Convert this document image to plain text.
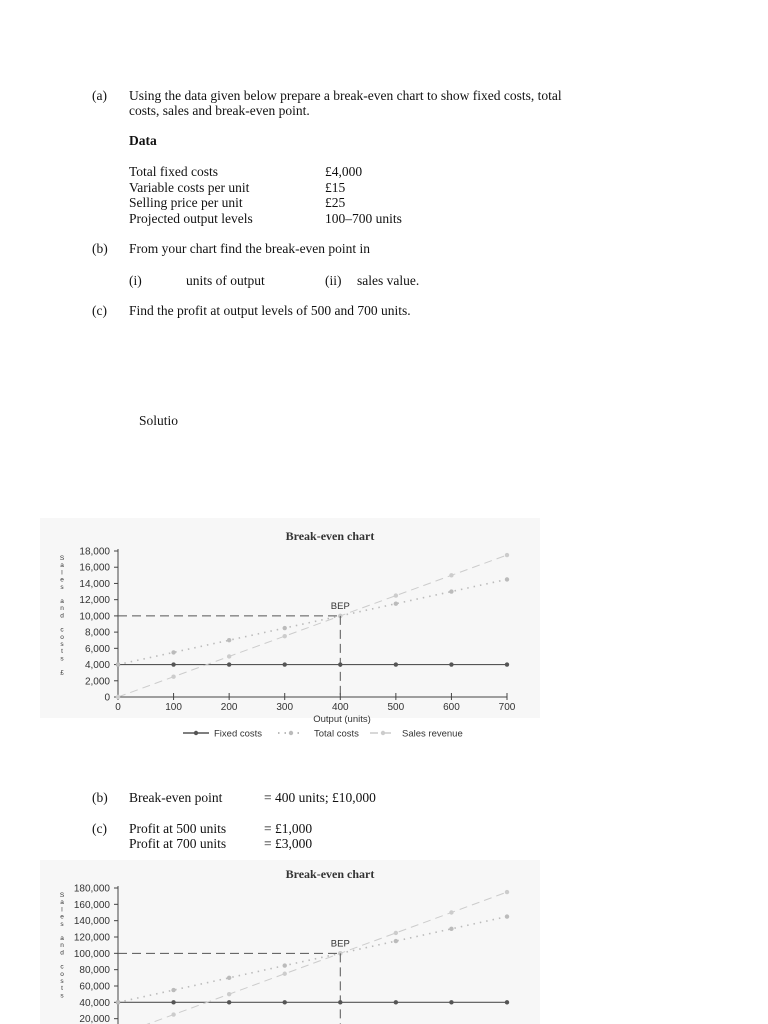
(a) Using the data given below prepare a break-even chart to show fixed costs, total
costs, sales and break-even point.
Data
Total fixed costs	£4,000
Variable costs per unit	£15
Selling price per unit	£25
Projected output levels	100–700 units
(b) From your chart find the break-even point in
(i)	units of output	(ii) sales value.
(c) Find the profit at output levels of 500 and 700 units.
Solutio
Break-even chart
S
a
l
e
s
a
n
d
c
o
s
t
s
£
0
2,000
4,000
6,000
8,000
10,000
12,000
14,000
16,000
18,000
0	100	200	300	400	500	600	700
Output (units)
BEP
Fixed costs	Total costs	Sales revenue
(b) Break-even point	= 400 units; £10,000
(c) Profit at 500 units	= £1,000
Profit at 700 units	= £3,000
Break-even chart
S
a
l
e
s
a
n
d
c
o
s
t
s
20,000
40,000
60,000
80,000
100,000
120,000
140,000
160,000
180,000
BEP
